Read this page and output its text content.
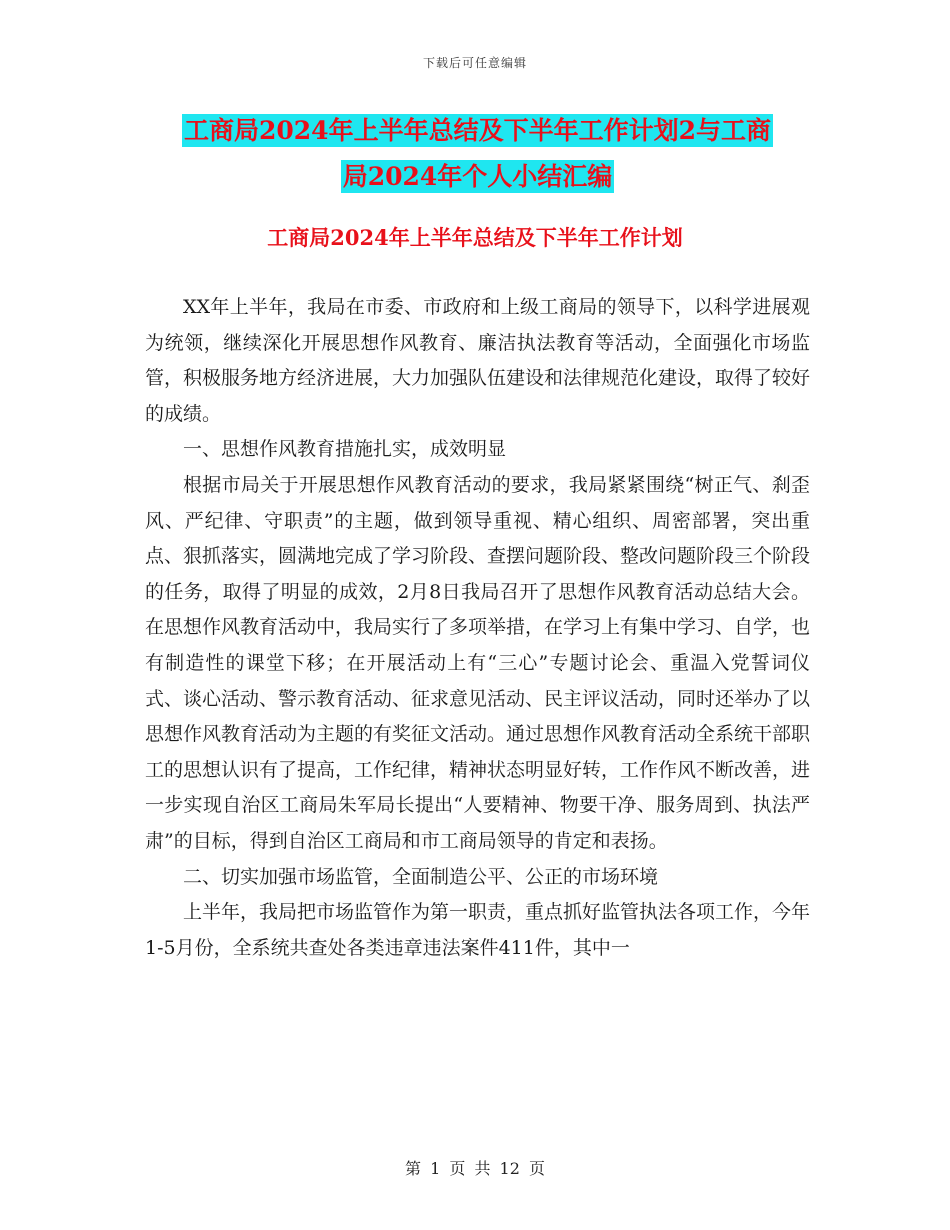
下载后可任意编辑
工商局2024年上半年总结及下半年工作计划2与工商
局2024年个人小结汇编
工商局2024年上半年总结及下半年工作计划

XX年上半年，我局在市委、市政府和上级工商局的领导下，以科学进展观为统领，继续深化开展思想作风教育、廉洁执法教育等活动，全面强化市场监管，积极服务地方经济进展，大力加强队伍建设和法律规范化建设，取得了较好的成绩。

一、思想作风教育措施扎实，成效明显

根据市局关于开展思想作风教育活动的要求，我局紧紧围绕“树正气、刹歪风、严纪律、守职责”的主题，做到领导重视、精心组织、周密部署，突出重点、狠抓落实，圆满地完成了学习阶段、查摆问题阶段、整改问题阶段三个阶段的任务，取得了明显的成效，2月8日我局召开了思想作风教育活动总结大会。在思想作风教育活动中，我局实行了多项举措，在学习上有集中学习、自学，也有制造性的课堂下移；在开展活动上有“三心”专题讨论会、重温入党誓词仪式、谈心活动、警示教育活动、征求意见活动、民主评议活动，同时还举办了以思想作风教育活动为主题的有奖征文活动。通过思想作风教育活动全系统干部职工的思想认识有了提高，工作纪律，精神状态明显好转，工作作风不断改善，进一步实现自治区工商局朱军局长提出“人要精神、物要干净、服务周到、执法严肃”的目标，得到自治区工商局和市工商局领导的肯定和表扬。

二、切实加强市场监管，全面制造公平、公正的市场环境

上半年，我局把市场监管作为第一职责，重点抓好监管执法各项工作，今年1-5月份，全系统共查处各类违章违法案件411件，其中一

第 1 页 共 12 页
